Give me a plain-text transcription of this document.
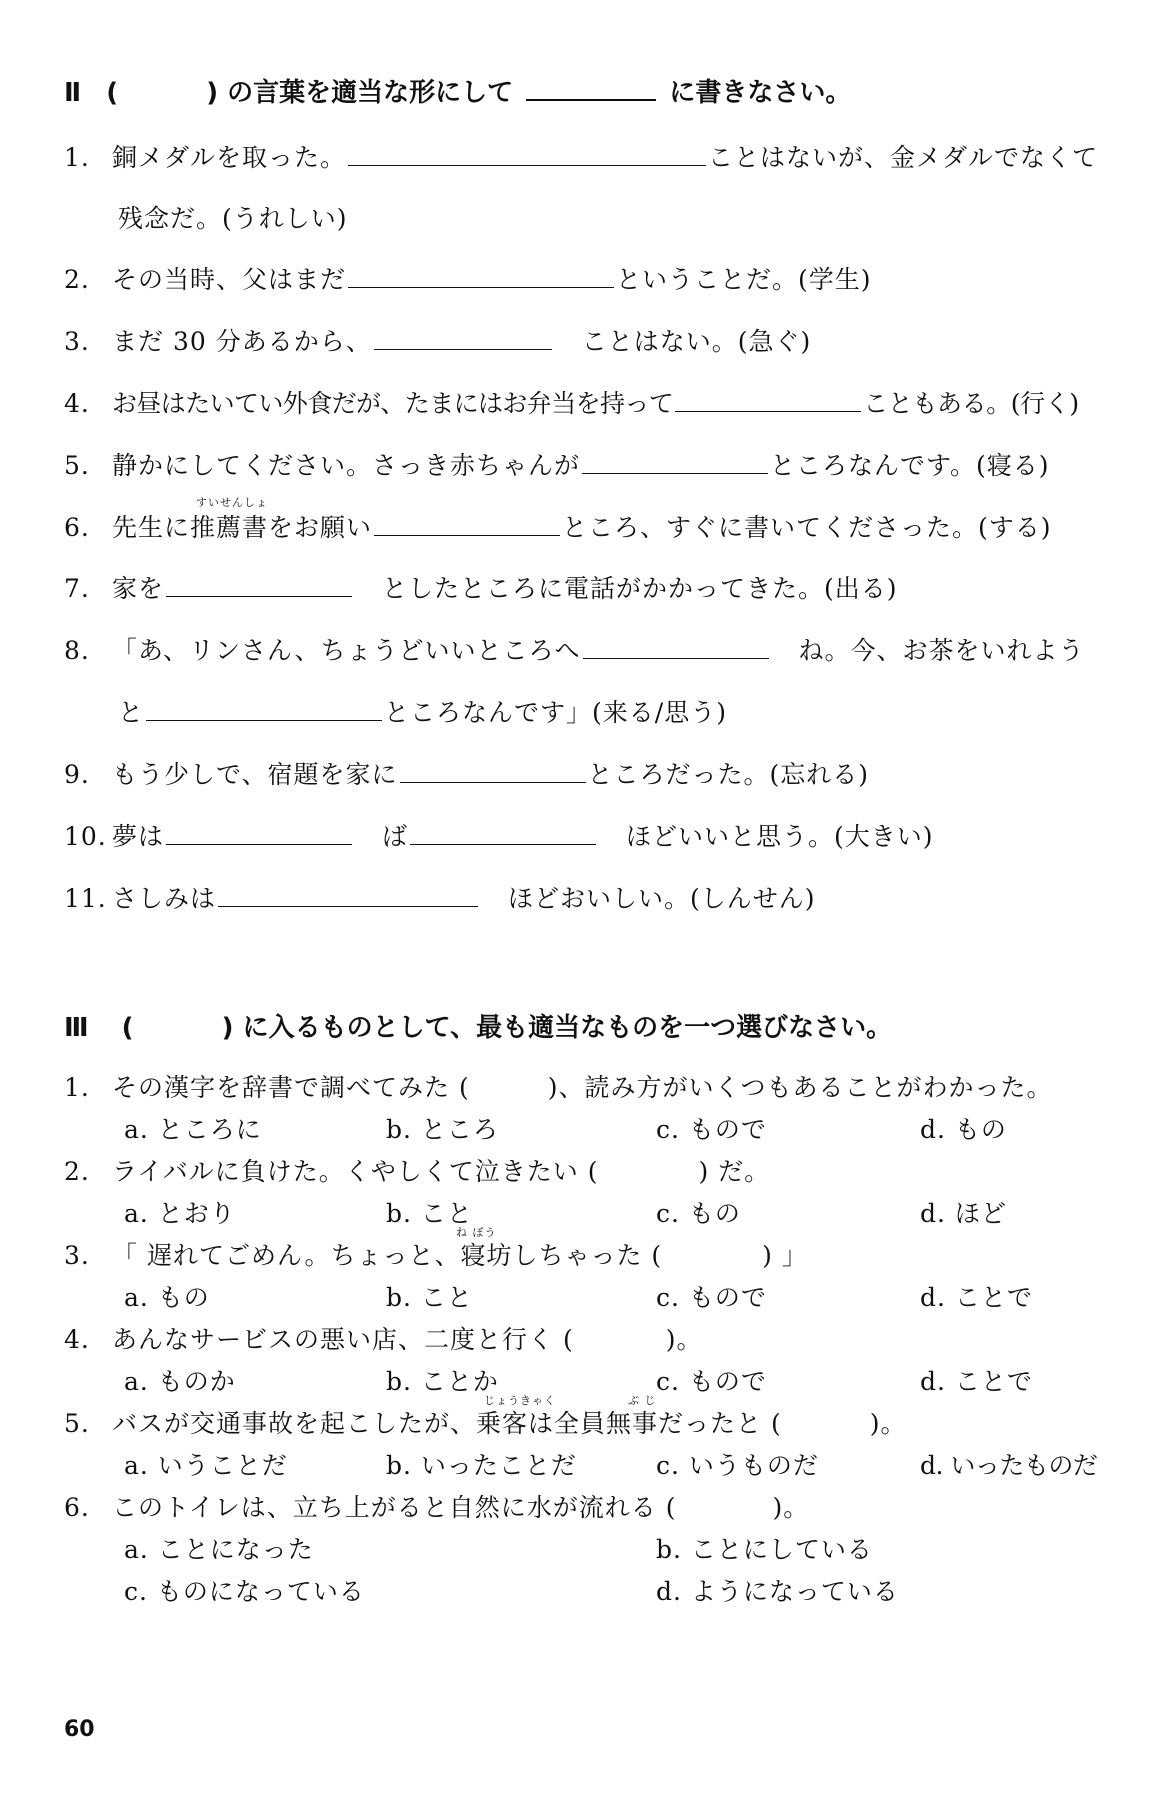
Ⅱ (	) の言葉を適当な形にして	に書きなさい。
1. 銅メダルを取った。	ことはないが、金メダルでなくて
残念だ。(うれしい)
2. その当時、父はまだ	ということだ。(学生)
3. まだ 30 分あるから、	ことはない。(急ぐ)
4. お昼はたいてい外食だが、たまにはお弁当を持って	こともある。(行く)
5. 静かにしてください。さっき赤ちゃんが	ところなんです。(寝る)
すいせんしょ
6. 先生に推薦書をお願い	ところ、すぐに書いてくださった。(する)
7. 家を	としたところに電話がかかってきた。(出る)
8. 「あ、リンさん、ちょうどいいところへ	ね。今、お茶をいれよう
と	ところなんです」(来る/思う)
9. もう少しで、宿題を家に	ところだった。(忘れる)
10. 夢は	ば	ほどいいと思う。(大きい)
11. さしみは	ほどおいしい。(しんせん)
Ⅲ (	) に入るものとして、最も適当なものを一つ選びなさい。
1. その漢字を辞書で調べてみた (	)、読み方がいくつもあることがわかった。
a. ところに	b. ところ	c. もので	d. もの
2. ライバルに負けた。くやしくて泣きたい (	) だ。
a. とおり	b. こと	c. もの	d. ほど
ね ぼう
3. 「 遅れてごめん。ちょっと、寝坊しちゃった (	) 」
a. もの	b. こと	c. もので	d. ことで
4. あんなサービスの悪い店、二度と行く (	)。
a. ものか	b. ことか	c. もので	d. ことで
じょうきゃく	ぶ じ
5. バスが交通事故を起こしたが、乗客は全員無事だったと (	)。
a. いうことだ	b. いったことだ	c. いうものだ	d. いったものだ
6. このトイレは、立ち上がると自然に水が流れる (	)。
a. ことになった	b. ことにしている
c. ものになっている	d. ようになっている
60
